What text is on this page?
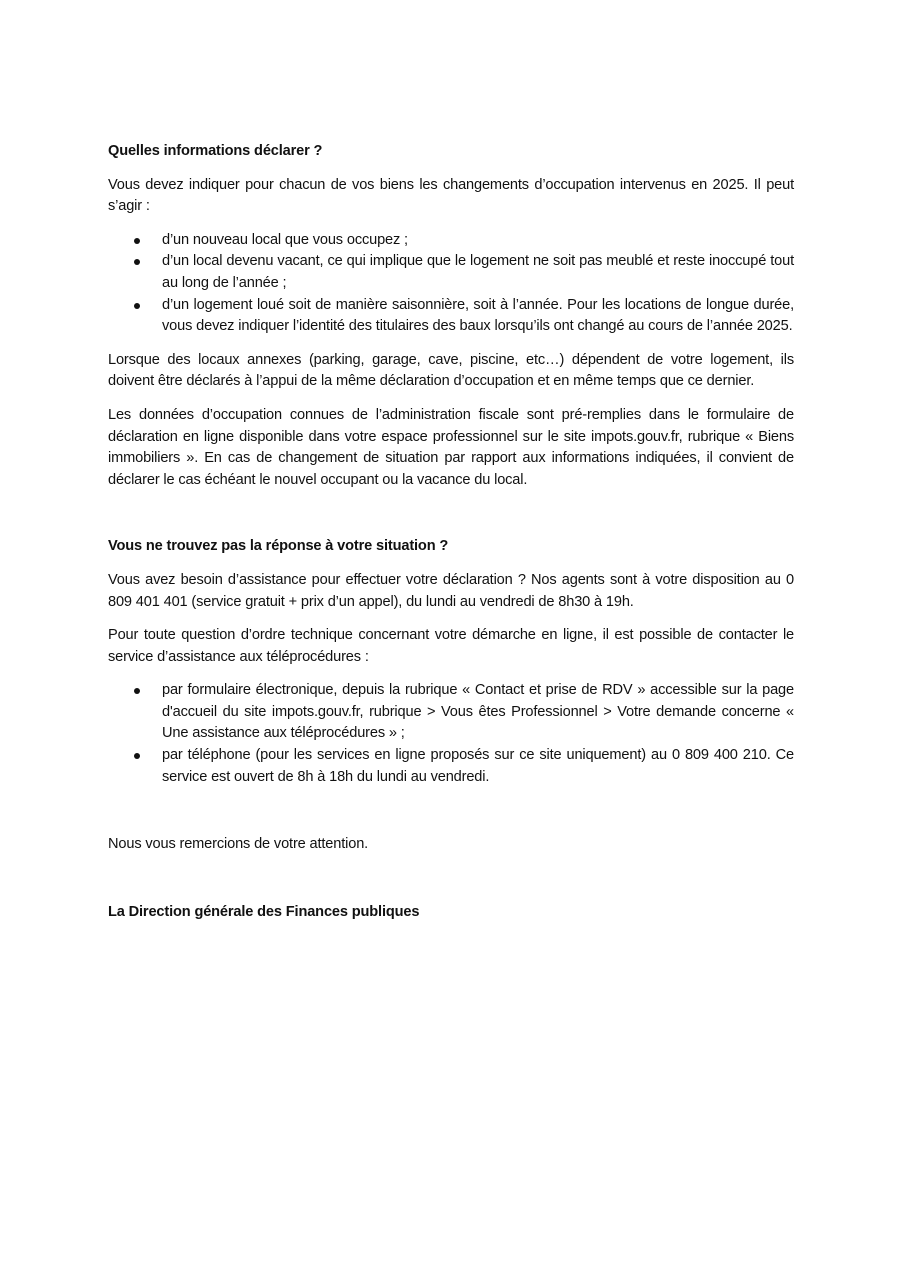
Quelles informations déclarer ?

Vous devez indiquer pour chacun de vos biens les changements d’occupation intervenus en 2025. Il peut s’agir :

d’un nouveau local que vous occupez ;
d’un local devenu vacant, ce qui implique que le logement ne soit pas meublé et reste inoccupé tout au long de l’année ;
d’un logement loué soit de manière saisonnière, soit à l’année. Pour les locations de longue durée, vous devez indiquer l’identité des titulaires des baux lorsqu’ils ont changé au cours de l’année 2025.

Lorsque des locaux annexes (parking, garage, cave, piscine, etc…) dépendent de votre logement, ils doivent être déclarés à l’appui de la même déclaration d’occupation et en même temps que ce dernier.

Les données d’occupation connues de l’administration fiscale sont pré-remplies dans le formulaire de déclaration en ligne disponible dans votre espace professionnel sur le site impots.gouv.fr, rubrique « Biens immobiliers ». En cas de changement de situation par rapport aux informations indiquées, il convient de déclarer le cas échéant le nouvel occupant ou la vacance du local.

Vous ne trouvez pas la réponse à votre situation ?

Vous avez besoin d’assistance pour effectuer votre déclaration ? Nos agents sont à votre disposition au 0 809 401 401 (service gratuit + prix d’un appel), du lundi au vendredi de 8h30 à 19h.

Pour toute question d’ordre technique concernant votre démarche en ligne, il est possible de contacter le service d’assistance aux téléprocédures :

par formulaire électronique, depuis la rubrique « Contact et prise de RDV » accessible sur la page d'accueil du site impots.gouv.fr, rubrique > Vous êtes Professionnel > Votre demande concerne « Une assistance aux téléprocédures » ;
par téléphone (pour les services en ligne proposés sur ce site uniquement) au 0 809 400 210. Ce service est ouvert de 8h à 18h du lundi au vendredi.

Nous vous remercions de votre attention.

La Direction générale des Finances publiques
